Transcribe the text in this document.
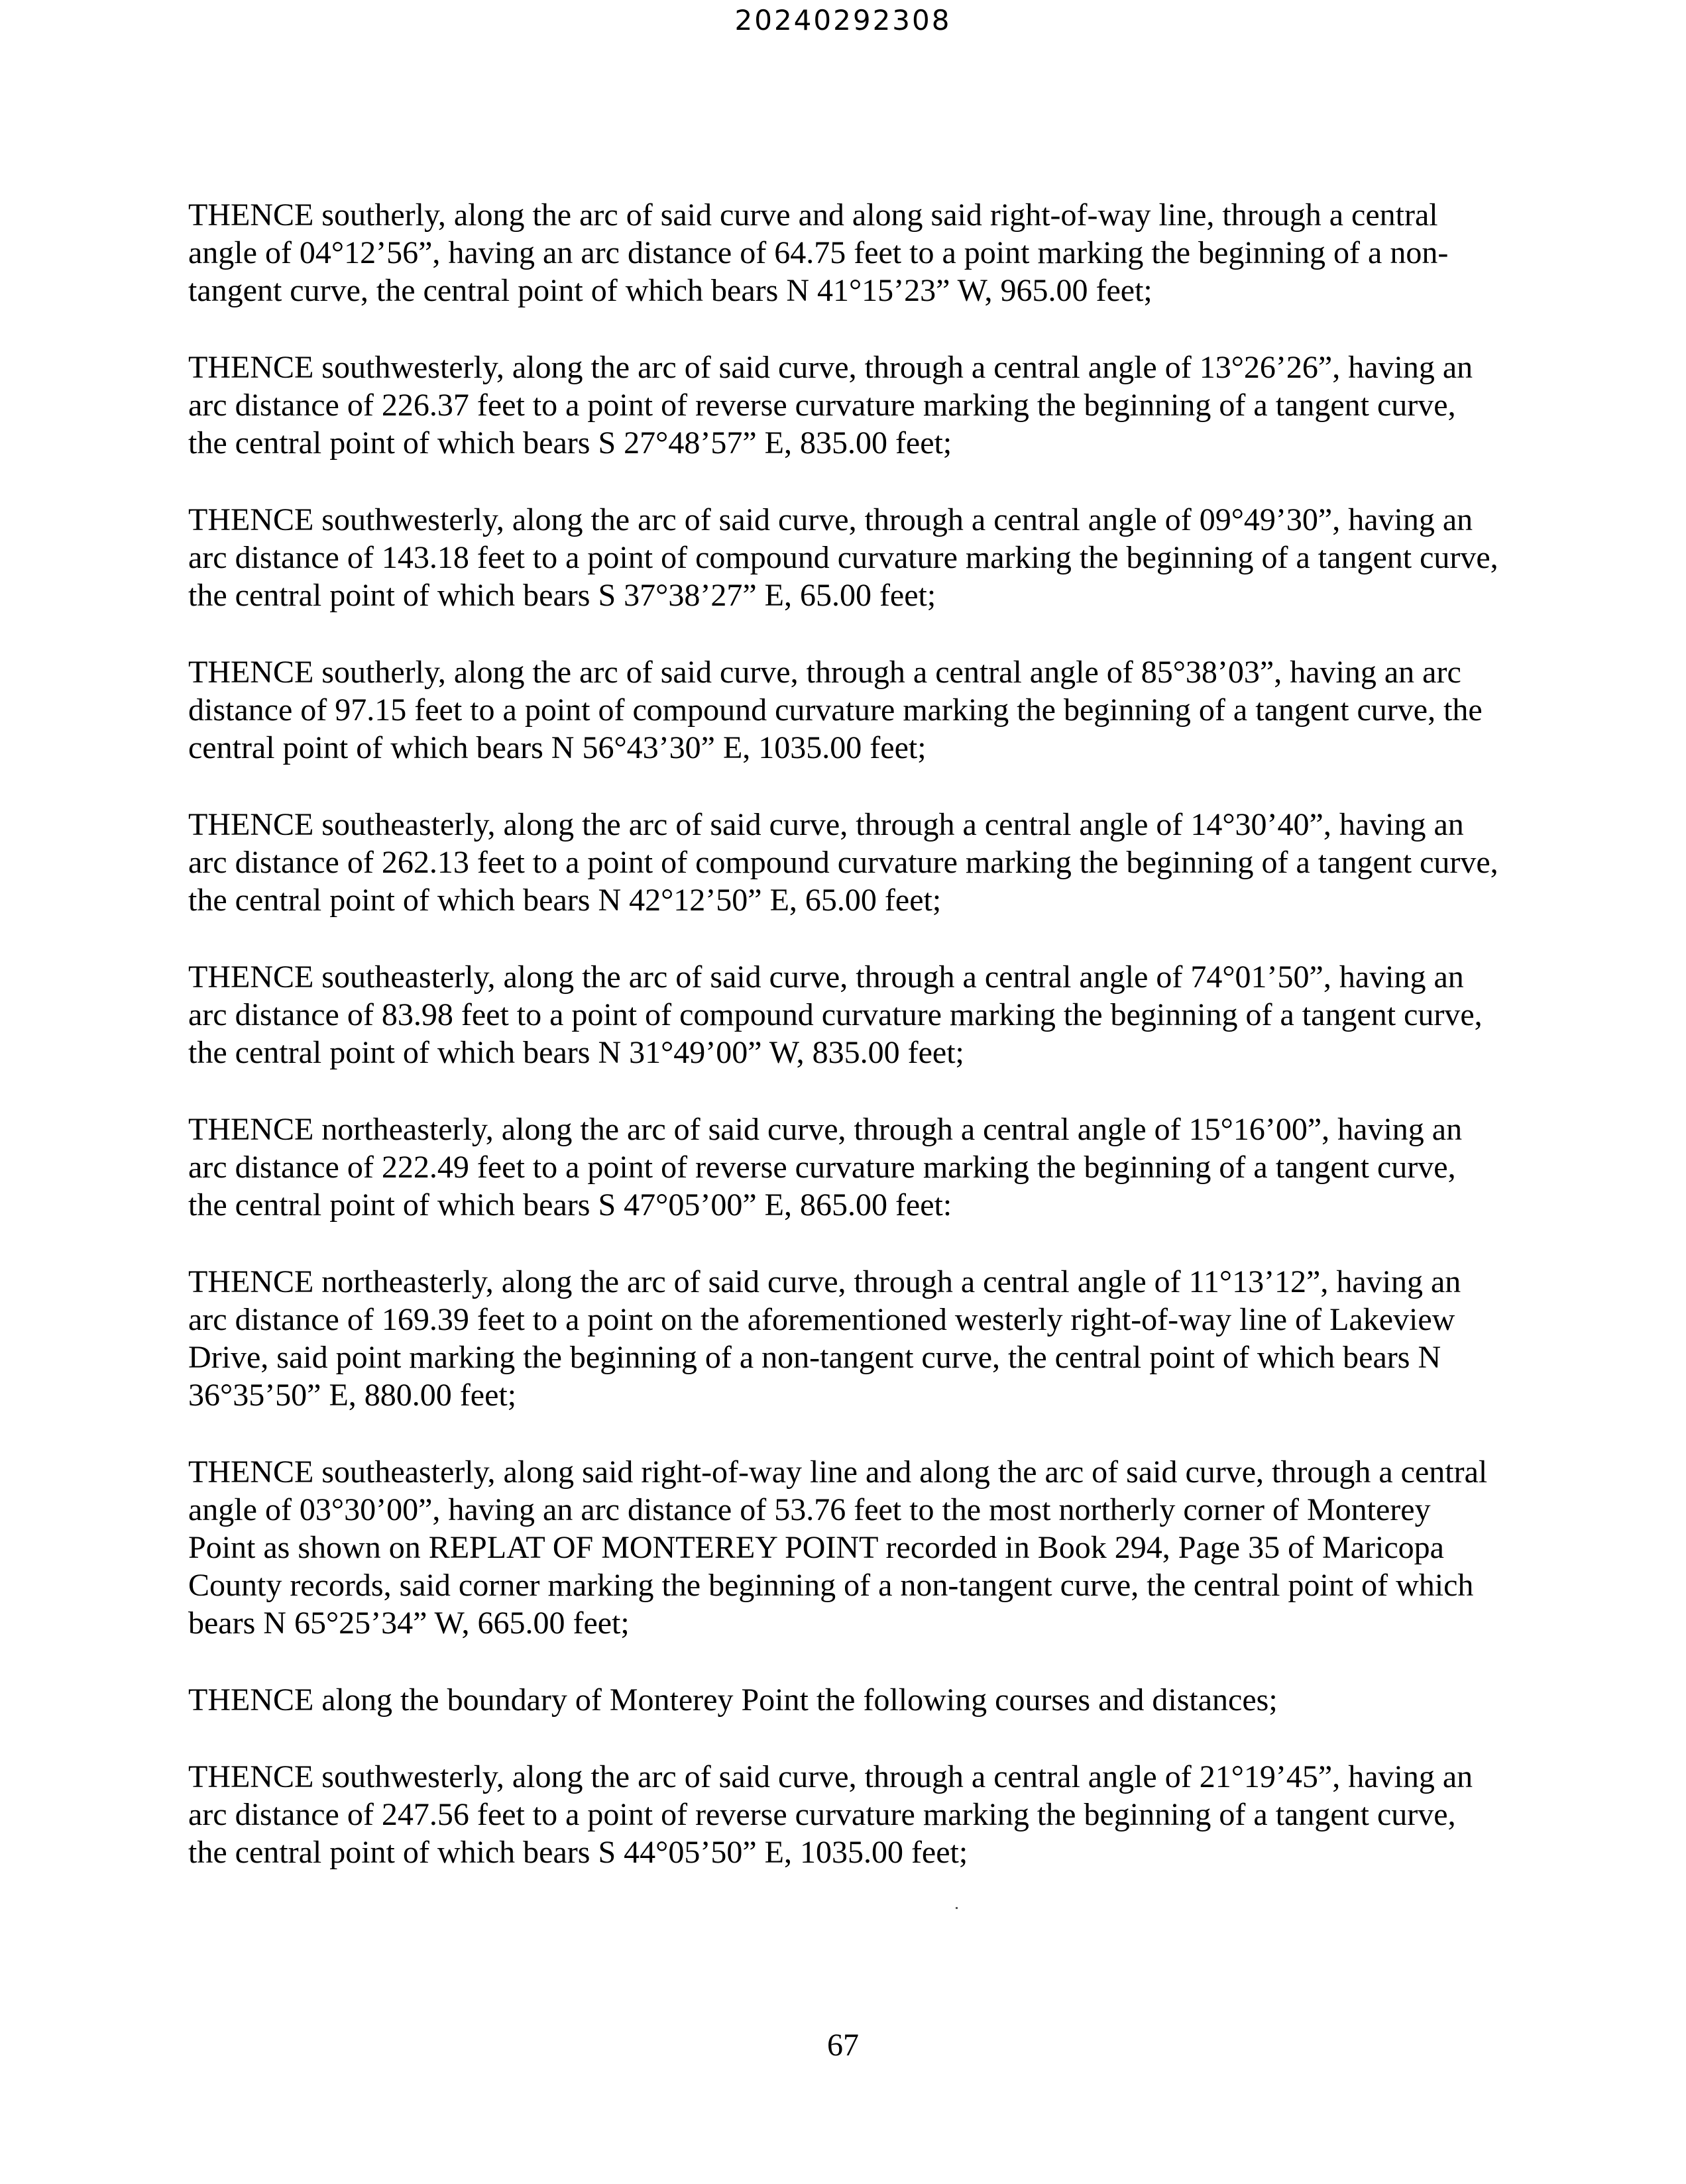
20240292308

THENCE southerly, along the arc of said curve and along said right-of-way line, through a central angle of 04°12’56”, having an arc distance of 64.75 feet to a point marking the beginning of a non-tangent curve, the central point of which bears N 41°15’23” W, 965.00 feet;

THENCE southwesterly, along the arc of said curve, through a central angle of 13°26’26”, having an arc distance of 226.37 feet to a point of reverse curvature marking the beginning of a tangent curve, the central point of which bears S 27°48’57” E, 835.00 feet;

THENCE southwesterly, along the arc of said curve, through a central angle of 09°49’30”, having an arc distance of 143.18 feet to a point of compound curvature marking the beginning of a tangent curve, the central point of which bears S 37°38’27” E, 65.00 feet;

THENCE southerly, along the arc of said curve, through a central angle of 85°38’03”, having an arc distance of 97.15 feet to a point of compound curvature marking the beginning of a tangent curve, the central point of which bears N 56°43’30” E, 1035.00 feet;

THENCE southeasterly, along the arc of said curve, through a central angle of 14°30’40”, having an arc distance of 262.13 feet to a point of compound curvature marking the beginning of a tangent curve, the central point of which bears N 42°12’50” E, 65.00 feet;

THENCE southeasterly, along the arc of said curve, through a central angle of 74°01’50”, having an arc distance of 83.98 feet to a point of compound curvature marking the beginning of a tangent curve, the central point of which bears N 31°49’00” W, 835.00 feet;

THENCE northeasterly, along the arc of said curve, through a central angle of 15°16’00”, having an arc distance of 222.49 feet to a point of reverse curvature marking the beginning of a tangent curve, the central point of which bears S 47°05’00” E, 865.00 feet:

THENCE northeasterly, along the arc of said curve, through a central angle of 11°13’12”, having an arc distance of 169.39 feet to a point on the aforementioned westerly right-of-way line of Lakeview Drive, said point marking the beginning of a non-tangent curve, the central point of which bears N 36°35’50” E, 880.00 feet;

THENCE southeasterly, along said right-of-way line and along the arc of said curve, through a central angle of 03°30’00”, having an arc distance of 53.76 feet to the most northerly corner of Monterey Point as shown on REPLAT OF MONTEREY POINT recorded in Book 294, Page 35 of Maricopa County records, said corner marking the beginning of a non-tangent curve, the central point of which bears N 65°25’34” W, 665.00 feet;

THENCE along the boundary of Monterey Point the following courses and distances;

THENCE southwesterly, along the arc of said curve, through a central angle of 21°19’45”, having an arc distance of 247.56 feet to a point of reverse curvature marking the beginning of a tangent curve, the central point of which bears S 44°05’50” E, 1035.00 feet;

67
